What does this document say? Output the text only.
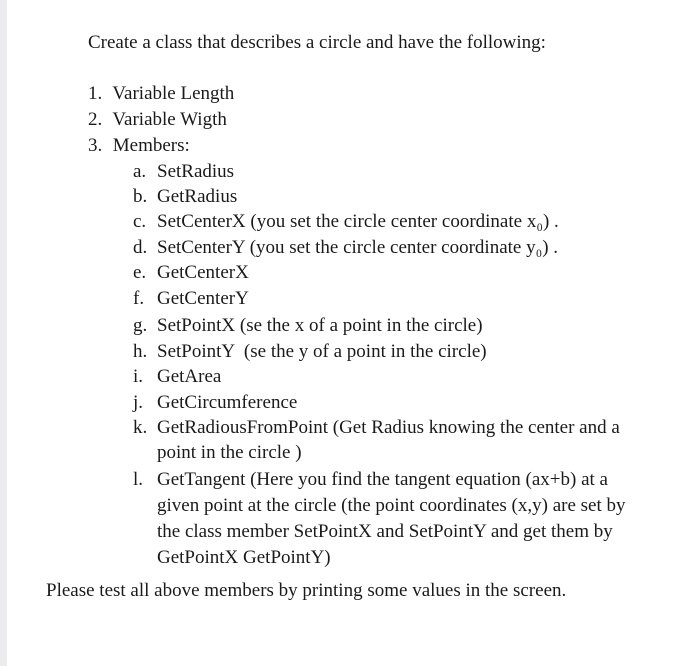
Create a class that describes a circle and have the following:
1. Variable Length
2. Variable Wigth
3. Members:
a. SetRadius
b. GetRadius
c. SetCenterX (you set the circle center coordinate x₀) .
d. SetCenterY (you set the circle center coordinate y₀) .
e. GetCenterX
f. GetCenterY
g. SetPointX (se the x of a point in the circle)
h. SetPointY  (se the y of a point in the circle)
i. GetArea
j. GetCircumference
k. GetRadiousFromPoint (Get Radius knowing the center and a
point in the circle )
l. GetTangent (Here you find the tangent equation (ax+b) at a
given point at the circle (the point coordinates (x,y) are set by
the class member SetPointX and SetPointY and get them by
GetPointX GetPointY)
Please test all above members by printing some values in the screen.
